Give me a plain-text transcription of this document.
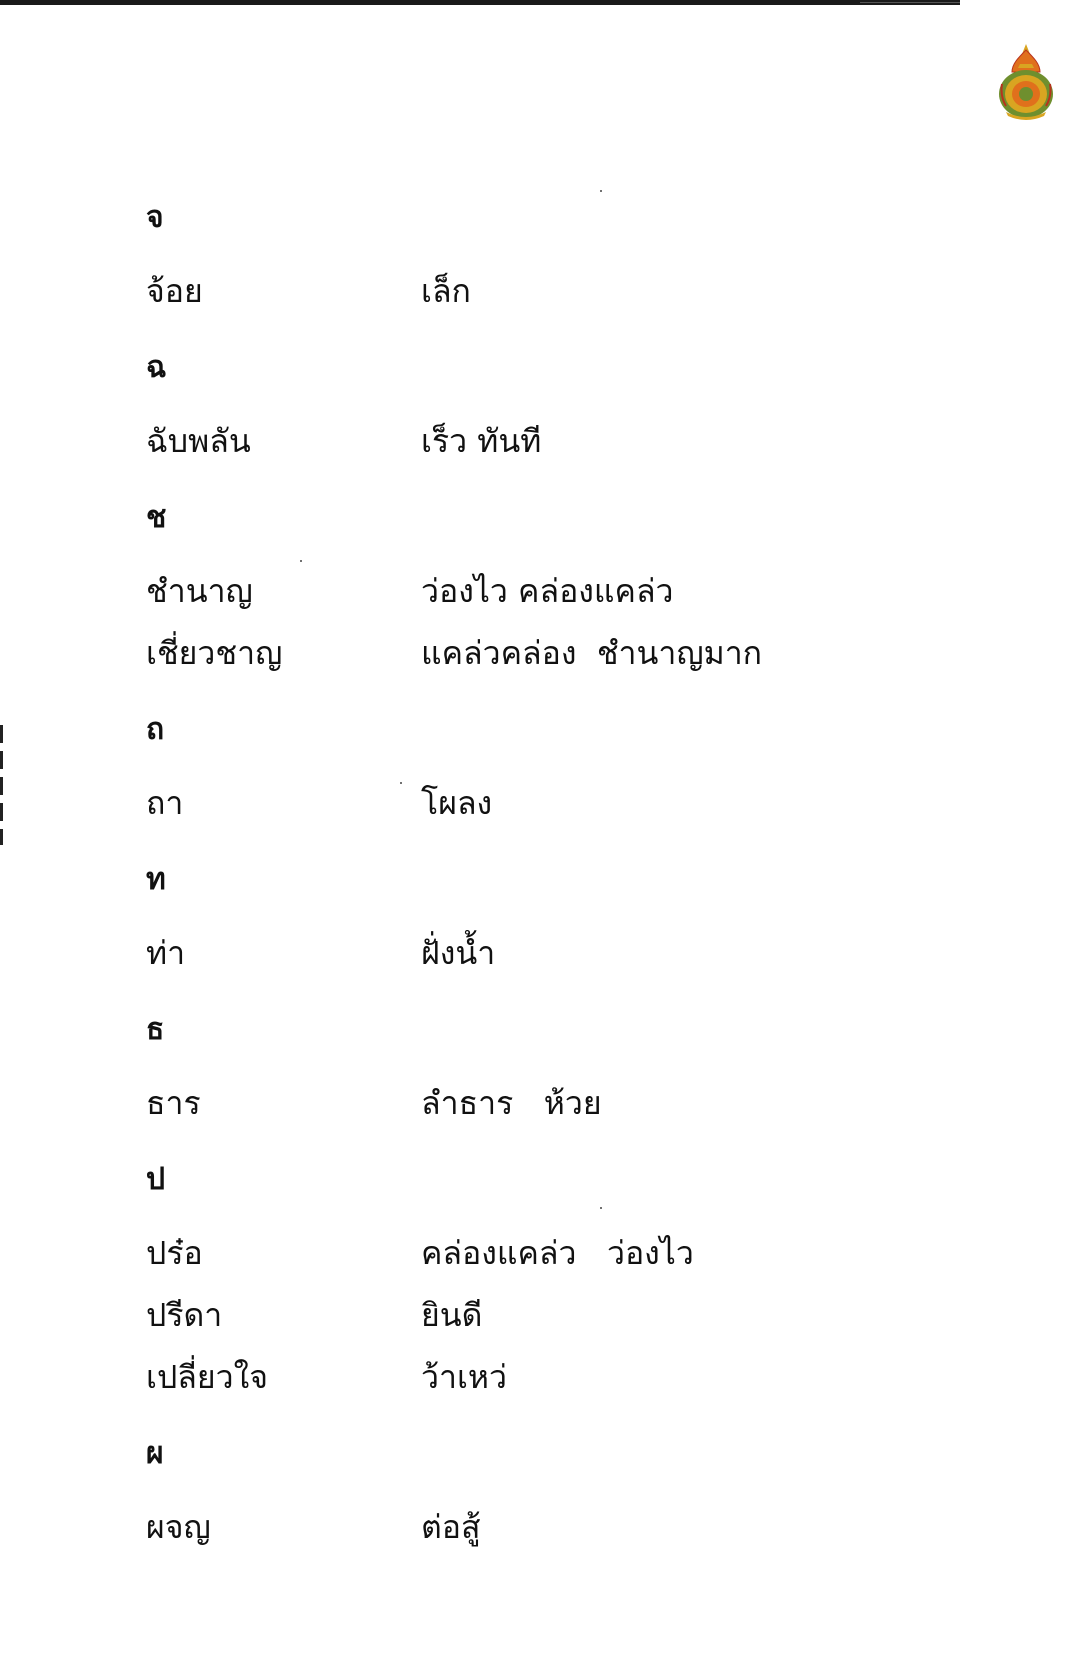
จ
จ้อย	เล็ก
ฉ
ฉับพลัน	เร็ว ทันที
ช
ชำนาญ	ว่องไว คล่องแคล่ว
เชี่ยวชาญ	แคล่วคล่อง  ชำนาญมาก
ถ
ถา	โผลง
ท
ท่า	ฝั่งน้ำ
ธ
ธาร	ลำธาร   ห้วย
ป
ปร๋อ	คล่องแคล่ว   ว่องไว
ปรีดา	ยินดี
เปลี่ยวใจ	ว้าเหว่
ผ
ผจญ	ต่อสู้
